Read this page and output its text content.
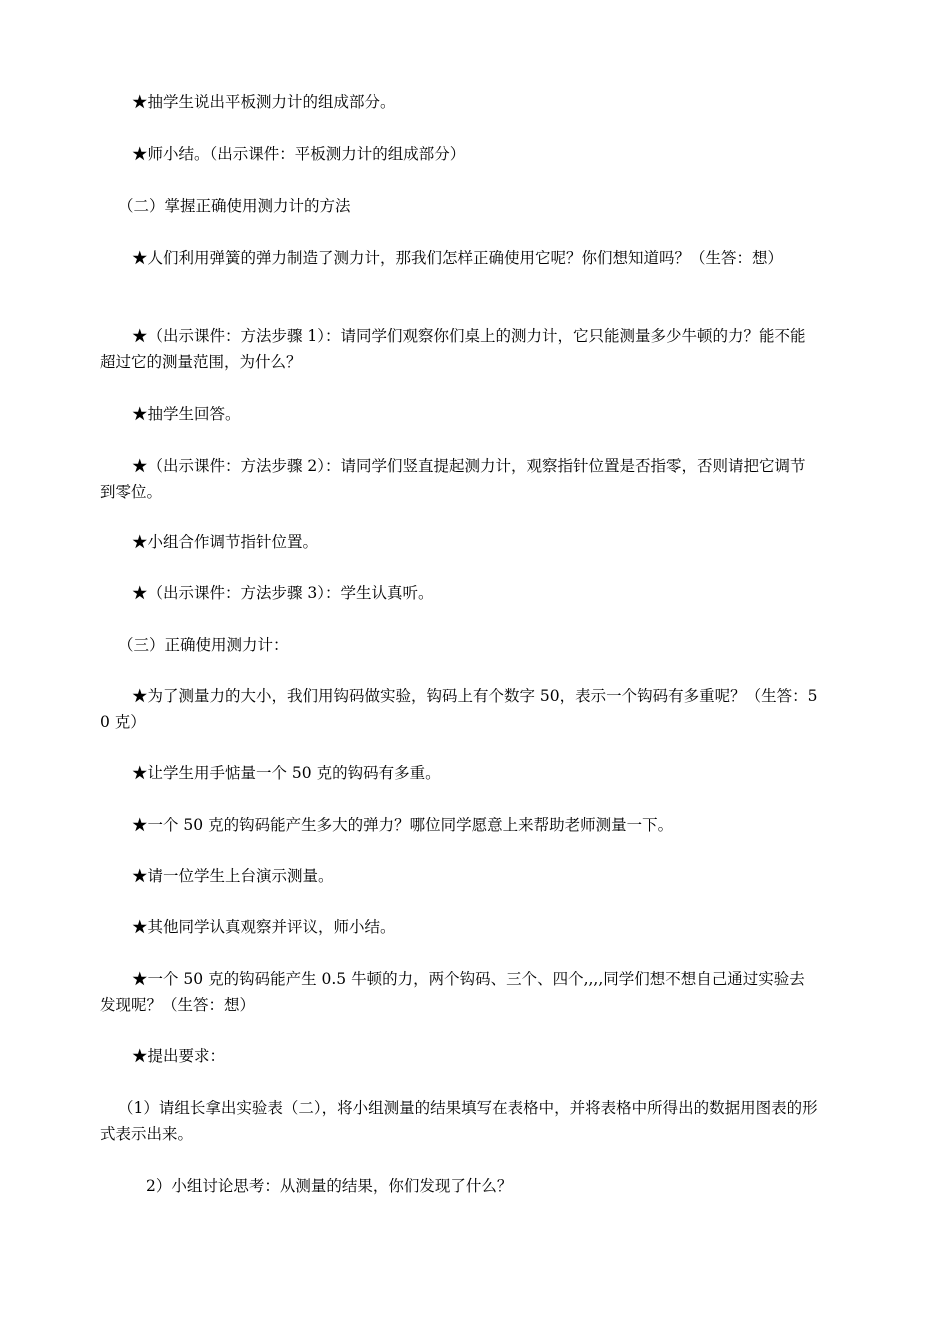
★抽学生说出平板测力计的组成部分。

★师小结。（出示课件：平板测力计的组成部分）

（二）掌握正确使用测力计的方法

★人们利用弹簧的弹力制造了测力计，那我们怎样正确使用它呢？你们想知道吗？（生答：想）

★（出示课件：方法步骤 1）：请同学们观察你们桌上的测力计，它只能测量多少牛顿的力？能不能超过它的测量范围，为什么？

★抽学生回答。

★（出示课件：方法步骤 2）：请同学们竖直提起测力计，观察指针位置是否指零，否则请把它调节到零位。

★小组合作调节指针位置。

★（出示课件：方法步骤 3）：学生认真听。

（三）正确使用测力计：

★为了测量力的大小，我们用钩码做实验，钩码上有个数字 50，表示一个钩码有多重呢？（生答：50 克）

★让学生用手惦量一个 50 克的钩码有多重。

★一个 50 克的钩码能产生多大的弹力？哪位同学愿意上来帮助老师测量一下。

★请一位学生上台演示测量。

★其他同学认真观察并评议，师小结。

★一个 50 克的钩码能产生 0.5 牛顿的力，两个钩码、三个、四个,,,,同学们想不想自己通过实验去发现呢？（生答：想）

★提出要求：

（1）请组长拿出实验表（二），将小组测量的结果填写在表格中，并将表格中所得出的数据用图表的形式表示出来。

2）小组讨论思考：从测量的结果，你们发现了什么？
